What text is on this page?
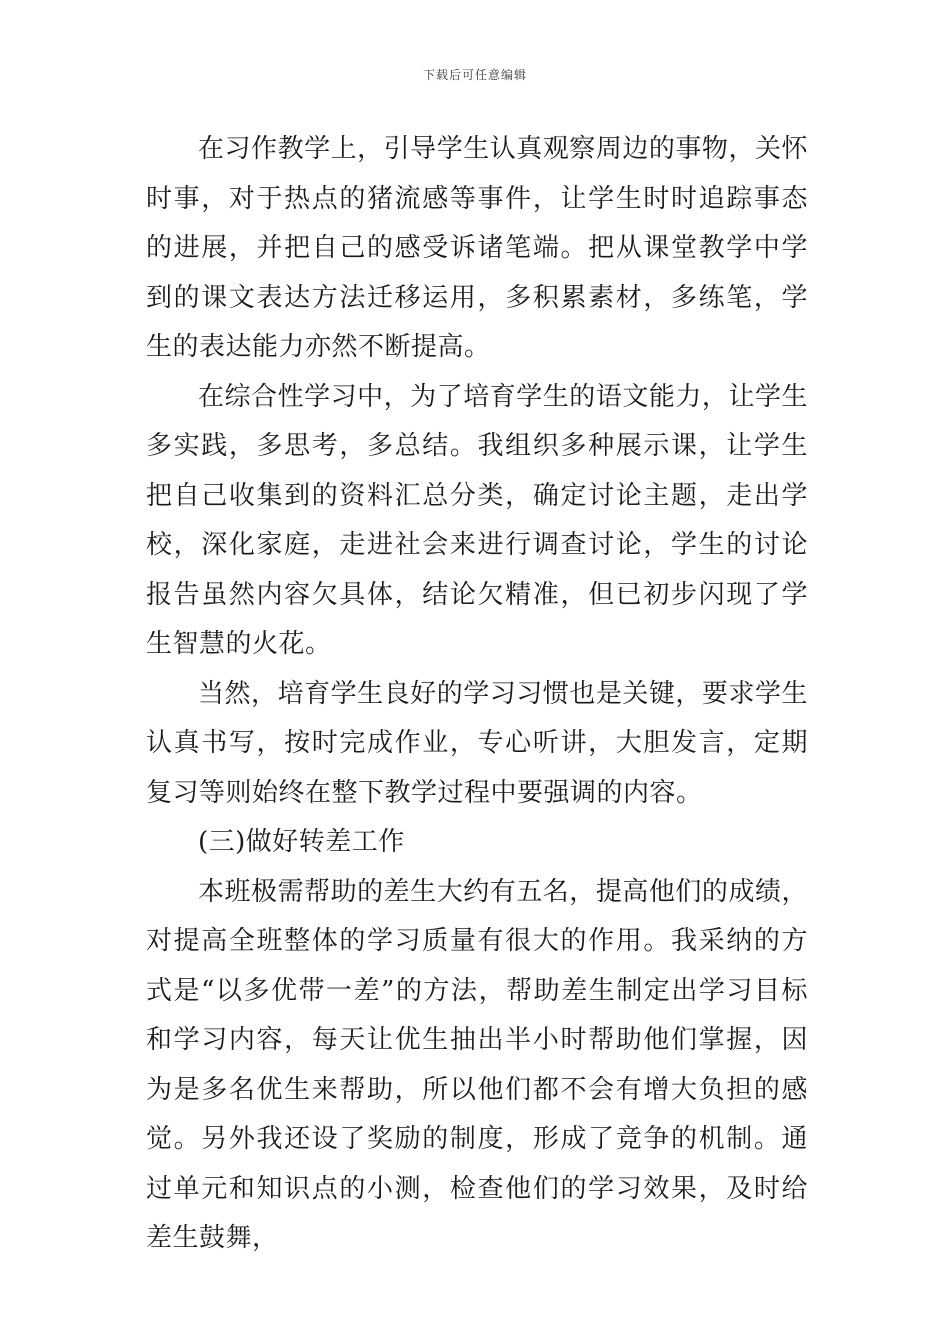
下载后可任意编辑

在习作教学上，引导学生认真观察周边的事物，关怀时事，对于热点的猪流感等事件，让学生时时追踪事态的进展，并把自己的感受诉诸笔端。把从课堂教学中学到的课文表达方法迁移运用，多积累素材，多练笔，学生的表达能力亦然不断提高。

在综合性学习中，为了培育学生的语文能力，让学生多实践，多思考，多总结。我组织多种展示课，让学生把自己收集到的资料汇总分类，确定讨论主题，走出学校，深化家庭，走进社会来进行调查讨论，学生的讨论报告虽然内容欠具体，结论欠精准，但已初步闪现了学生智慧的火花。

当然，培育学生良好的学习习惯也是关键，要求学生认真书写，按时完成作业，专心听讲，大胆发言，定期复习等则始终在整下教学过程中要强调的内容。

(三)做好转差工作

本班极需帮助的差生大约有五名，提高他们的成绩，对提高全班整体的学习质量有很大的作用。我采纳的方式是“以多优带一差”的方法，帮助差生制定出学习目标和学习内容，每天让优生抽出半小时帮助他们掌握，因为是多名优生来帮助，所以他们都不会有增大负担的感觉。另外我还设了奖励的制度，形成了竞争的机制。通过单元和知识点的小测，检查他们的学习效果，及时给差生鼓舞，
